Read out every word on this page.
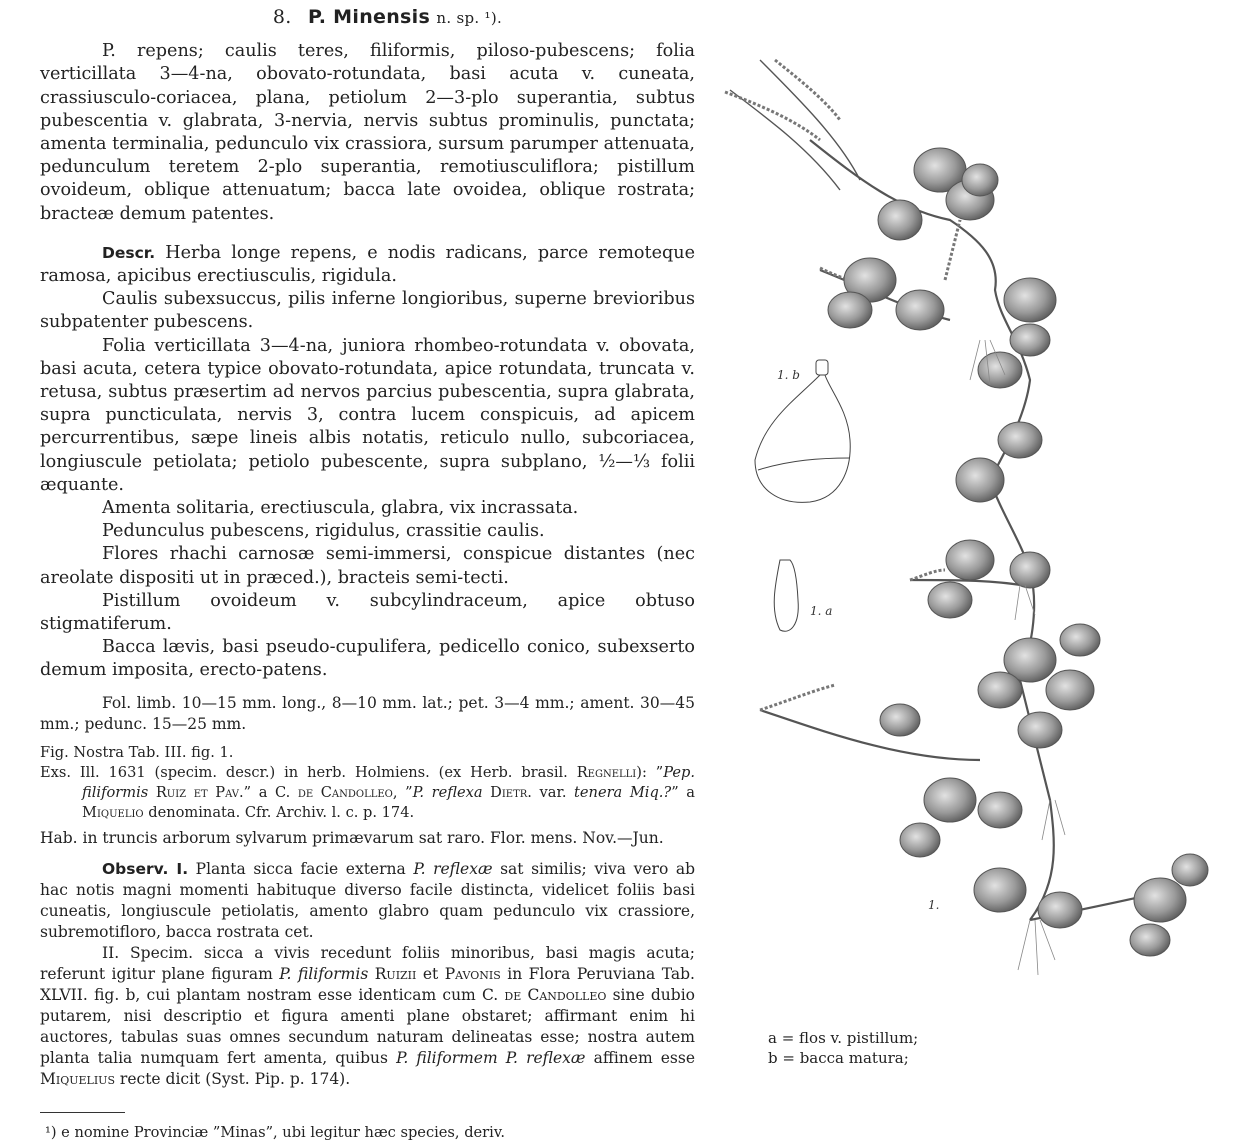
8. P. Minensis n. sp. ¹).

P. repens; caulis teres, filiformis, piloso-pubescens; folia verticillata 3—4-na, obovato-rotundata, basi acuta v. cuneata, crassiusculo-coriacea, plana, petiolum 2—3-plo superantia, subtus pubescentia v. glabrata, 3-nervia, nervis subtus prominulis, punctata; amenta terminalia, pedunculo vix crassiora, sursum parumper attenuata, pedunculum teretem 2-plo superantia, remotiusculiflora; pistillum ovoideum, oblique attenuatum; bacca late ovoidea, oblique rostrata; bracteæ demum patentes.

Descr. Herba longe repens, e nodis radicans, parce remoteque ramosa, apicibus erectiusculis, rigidula.

Caulis subexsuccus, pilis inferne longioribus, superne brevioribus subpatenter pubescens.

Folia verticillata 3—4-na, juniora rhombeo-rotundata v. obovata, basi acuta, cetera typice obovato-rotundata, apice rotundata, truncata v. retusa, subtus præsertim ad nervos parcius pubescentia, supra glabrata, supra puncticulata, nervis 3, contra lucem conspicuis, ad apicem percurrentibus, sæpe lineis albis notatis, reticulo nullo, subcoriacea, longiuscule petiolata; petiolo pubescente, supra subplano, ½—⅓ folii æquante.

Amenta solitaria, erectiuscula, glabra, vix incrassata.

Pedunculus pubescens, rigidulus, crassitie caulis.

Flores rhachi carnosæ semi-immersi, conspicue distantes (nec areolate dispositi ut in præced.), bracteis semi-tecti.

Pistillum ovoideum v. subcylindraceum, apice obtuso stigmatiferum.

Bacca lævis, basi pseudo-cupulifera, pedicello conico, subexserto demum imposita, erecto-patens.

Fol. limb. 10—15 mm. long., 8—10 mm. lat.; pet. 3—4 mm.; ament. 30—45 mm.; pedunc. 15—25 mm.

Fig. Nostra Tab. III. fig. 1.

Exs. Ill. 1631 (specim. descr.) in herb. Holmiens. (ex Herb. brasil. Regnelli): ”Pep. filiformis Ruiz et Pav.” a C. de Candolleo, ”P. reflexa Dietr. var. tenera Miq.?” a Miquelio denominata. Cfr. Archiv. l. c. p. 174.

Hab. in truncis arborum sylvarum primævarum sat raro. Flor. mens. Nov.—Jun.

Observ. I. Planta sicca facie externa P. reflexæ sat similis; viva vero ab hac notis magni momenti habituque diverso facile distincta, videlicet foliis basi cuneatis, longiuscule petiolatis, amento glabro quam pedunculo vix crassiore, subremotifloro, bacca rostrata cet.

II. Specim. sicca a vivis recedunt foliis minoribus, basi magis acuta; referunt igitur plane figuram P. filiformis Ruizii et Pavonis in Flora Peruviana Tab. XLVII. fig. b, cui plantam nostram esse identicam cum C. de Candolleo sine dubio putarem, nisi descriptio et figura amenti plane obstaret; affirmant enim hi auctores, tabulas suas omnes secundum naturam delineatas esse; nostra autem planta talia numquam fert amenta, quibus P. filiformem P. reflexæ affinem esse Miquelius recte dicit (Syst. Pip. p. 174).

¹) e nomine Provinciæ ”Minas”, ubi legitur hæc species, deriv.

1. b
1. a
1.
a = flos v. pistillum;
b = bacca matura;
